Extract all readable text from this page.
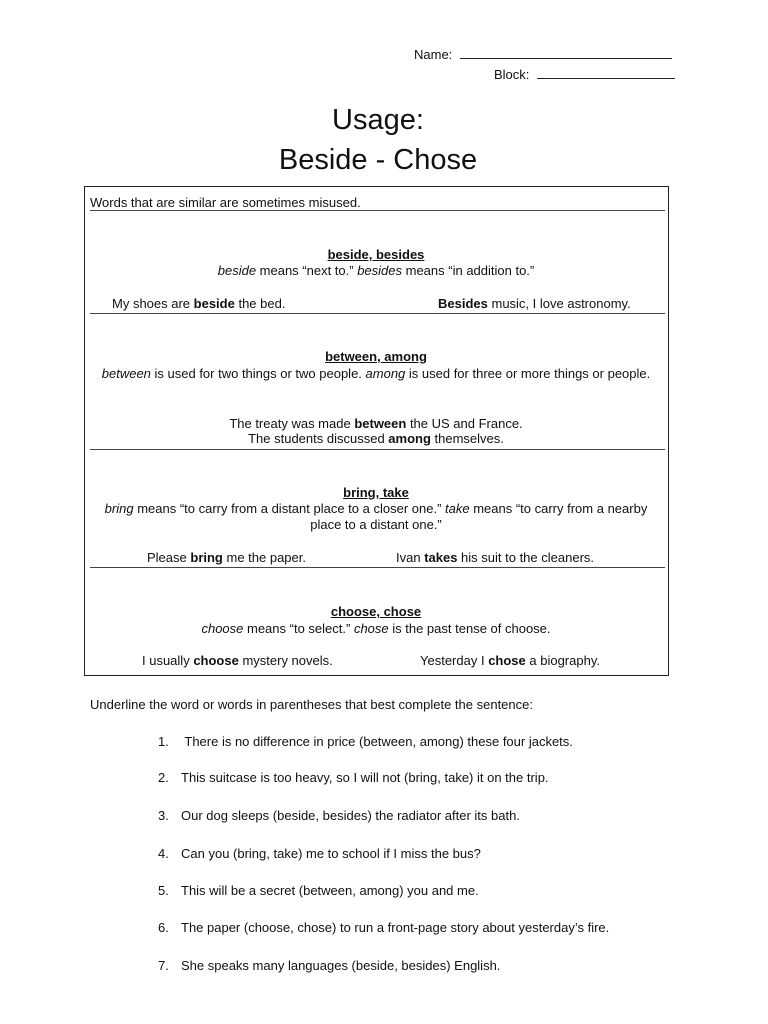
Name:
Block:
Usage:
Beside - Chose
Words that are similar are sometimes misused.
beside, besides
beside means “next to.” besides means “in addition to.”
My shoes are beside the bed.	Besides music, I love astronomy.
between, among
between is used for two things or two people. among is used for three or more things or people.
The treaty was made between the US and France.
The students discussed among themselves.
bring, take
bring means “to carry from a distant place to a closer one.” take means “to carry from a nearby place to a distant one.”
Please bring me the paper.	Ivan takes his suit to the cleaners.
choose, chose
choose means “to select.” chose is the past tense of choose.
I usually choose mystery novels.	Yesterday I chose a biography.
Underline the word or words in parentheses that best complete the sentence:
1. There is no difference in price (between, among) these four jackets.
2. This suitcase is too heavy, so I will not (bring, take) it on the trip.
3. Our dog sleeps (beside, besides) the radiator after its bath.
4. Can you (bring, take) me to school if I miss the bus?
5. This will be a secret (between, among) you and me.
6. The paper (choose, chose) to run a front-page story about yesterday’s fire.
7. She speaks many languages (beside, besides) English.
